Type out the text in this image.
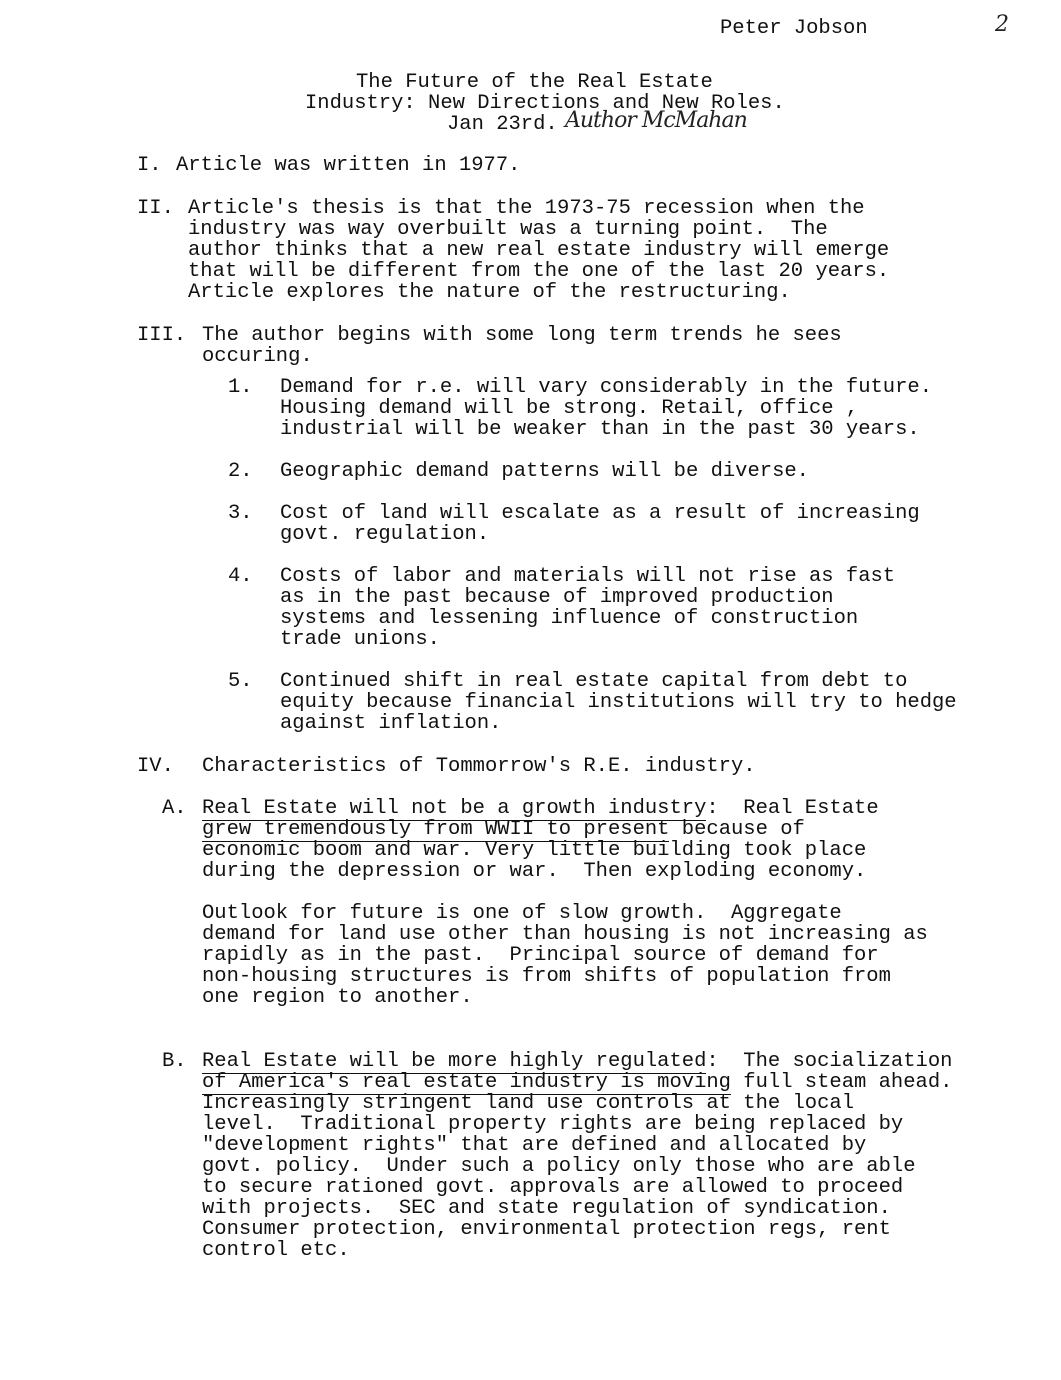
Peter Jobson	2
The Future of the Real Estate
Industry: New Directions and New Roles.
Jan 23rd. Author McMahan
I. Article was written in 1977.
II. Article's thesis is that the 1973-75 recession when the
industry was way overbuilt was a turning point.  The
author thinks that a new real estate industry will emerge
that will be different from the one of the last 20 years.
Article explores the nature of the restructuring.
III. The author begins with some long term trends he sees
occuring.
1. Demand for r.e. will vary considerably in the future.
Housing demand will be strong. Retail, office ,
industrial will be weaker than in the past 30 years.
2. Geographic demand patterns will be diverse.
3. Cost of land will escalate as a result of increasing
govt. regulation.
4. Costs of labor and materials will not rise as fast
as in the past because of improved production
systems and lessening influence of construction
trade unions.
5. Continued shift in real estate capital from debt to
equity because financial institutions will try to hedge
against inflation.
IV. Characteristics of Tommorrow's R.E. industry.
A. Real Estate will not be a growth industry:  Real Estate
grew tremendously from WWII to present because of
economic boom and war. Very little building took place
during the depression or war.  Then exploding economy.
Outlook for future is one of slow growth.  Aggregate
demand for land use other than housing is not increasing as
rapidly as in the past.  Principal source of demand for
non-housing structures is from shifts of population from
one region to another.
B. Real Estate will be more highly regulated:  The socialization
of America's real estate industry is moving full steam ahead.
Increasingly stringent land use controls at the local
level.  Traditional property rights are being replaced by
"development rights" that are defined and allocated by
govt. policy.  Under such a policy only those who are able
to secure rationed govt. approvals are allowed to proceed
with projects.  SEC and state regulation of syndication.
Consumer protection, environmental protection regs, rent
control etc.
